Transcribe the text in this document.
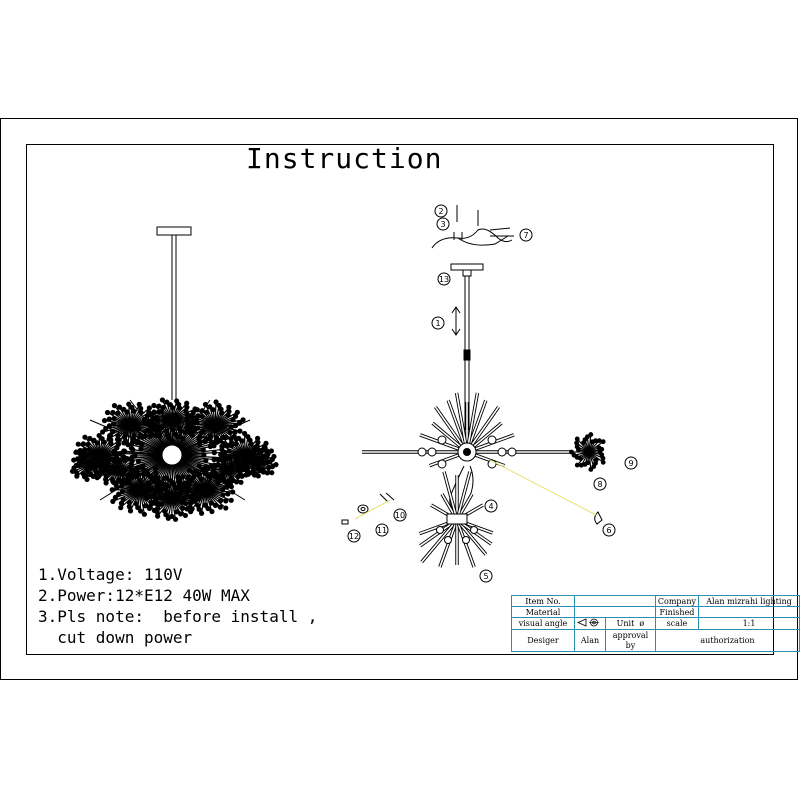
Instruction
1
2
3
4
5
6
7
8
9
10
11
12
13
1.Voltage: 110V
2.Power:12*E12 40W MAX
3.Pls note:  before install ,
cut down power
Item No.			Company	Alan mizrahi lighting
Material			Finished	
visual angle		Unit ø	scale	1:1
Desiger	Alan	approval by	authorization	
